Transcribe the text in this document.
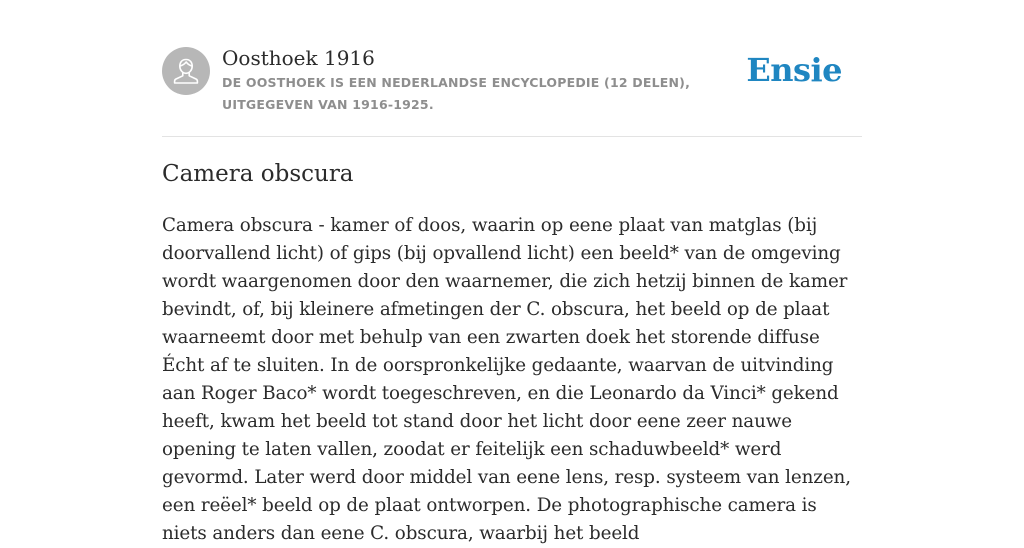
Oosthoek 1916
DE OOSTHOEK IS EEN NEDERLANDSE ENCYCLOPEDIE (12 DELEN), UITGEGEVEN VAN 1916-1925.
Ensie
Camera obscura

Camera obscura - kamer of doos, waarin op eene plaat van matglas (bij doorvallend licht) of gips (bij opvallend licht) een beeld* van de omgeving wordt waargenomen door den waarnemer, die zich hetzij binnen de kamer bevindt, of, bij kleinere afmetingen der C. obscura, het beeld op de plaat waarneemt door met behulp van een zwarten doek het storende diffuse Écht af te sluiten. In de oorspronkelijke gedaante, waarvan de uitvinding aan Roger Baco* wordt toegeschreven, en die Leonardo da Vinci* gekend heeft, kwam het beeld tot stand door het licht door eene zeer nauwe opening te laten vallen, zoodat er feitelijk een schaduwbeeld* werd gevormd. Later werd door middel van eene lens, resp. systeem van lenzen, een reëel* beeld op de plaat ontworpen. De photographische camera is niets anders dan eene C. obscura, waarbij het beeld
